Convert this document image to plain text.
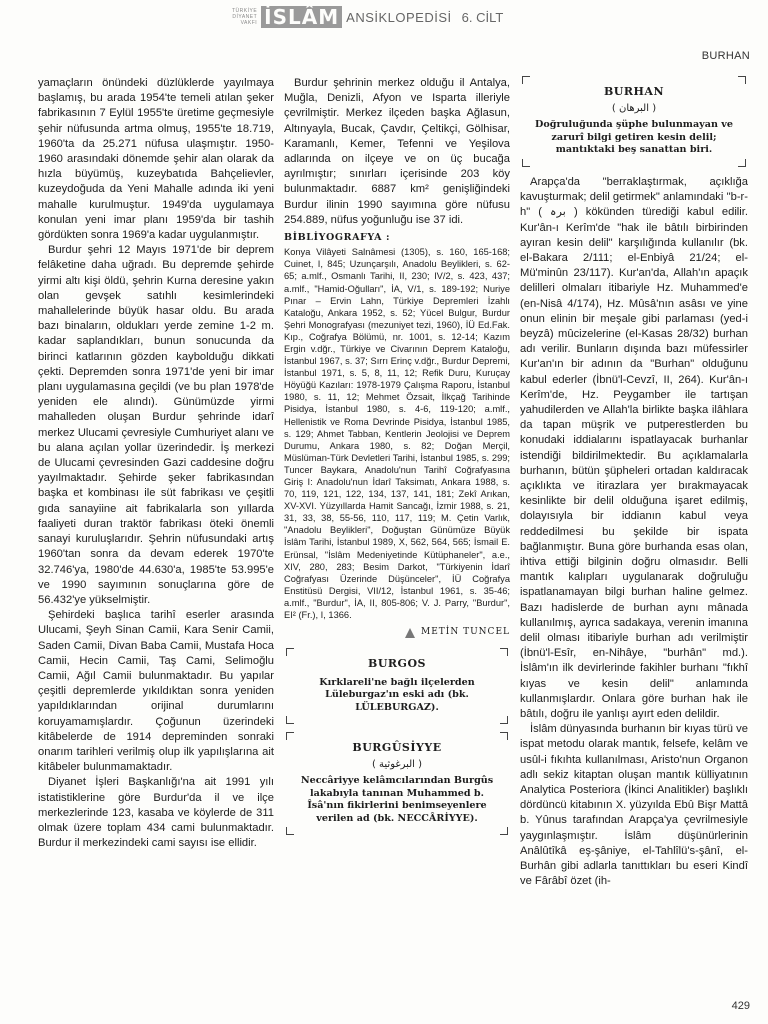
TÜRKİYE
DİYANET
VAKFI İSLÂM ANSİKLOPEDİSİ 6. CİLT
BURHAN

yamaçların önündeki düzlüklerde yayılmaya başlamış, bu arada 1954'te temeli atılan şeker fabrikasının 7 Eylül 1955'te üretime geçmesiyle şehir nüfusunda artma olmuş, 1955'te 18.719, 1960'ta da 25.271 nüfusa ulaşmıştır. 1950-1960 arasındaki dönemde şehir alan olarak da hızla büyümüş, kuzeybatıda Bahçelievler, kuzeydoğuda da Yeni Mahalle adında iki yeni mahalle kurulmuştur. 1949'da uygulamaya konulan yeni imar planı 1959'da bir tashih gördükten sonra 1969'a kadar uygulanmıştır.

Burdur şehri 12 Mayıs 1971'de bir deprem felâketine daha uğradı. Bu depremde şehirde yirmi altı kişi öldü, şehrin Kurna deresine yakın olan gevşek satıhlı kesimlerindeki mahallelerinde büyük hasar oldu. Bu arada bazı binaların, oldukları yerde zemine 1-2 m. kadar saplandıkları, bunun sonucunda da birinci katlarının gözden kaybolduğu dikkati çekti. Depremden sonra 1971'de yeni bir imar planı uygulamasına geçildi (ve bu plan 1978'de yeniden ele alındı). Günümüzde yirmi mahalleden oluşan Burdur şehrinde idarî merkez Ulucami çevresiyle Cumhuriyet alanı ve bu alana açılan yollar üzerindedir. İş merkezi de Ulucami çevresinden Gazi caddesine doğru yayılmaktadır. Şehirde şeker fabrikasından başka et kombinası ile süt fabrikası ve çeşitli gıda sanayiine ait fabrikalarla son yıllarda faaliyeti duran traktör fabrikası öteki önemli sanayi kuruluşlarıdır. Şehrin nüfusundaki artış 1960'tan sonra da devam ederek 1970'te 32.746'ya, 1980'de 44.630'a, 1985'te 53.995'e ve 1990 sayımının sonuçlarına göre de 56.432'ye yükselmiştir.

Şehirdeki başlıca tarihî eserler arasında Ulucami, Şeyh Sinan Camii, Kara Senir Camii, Saden Camii, Divan Baba Camii, Mustafa Hoca Camii, Hecin Camii, Taş Cami, Selimoğlu Camii, Ağıl Camii bulunmaktadır. Bu yapılar çeşitli depremlerde yıkıldıktan sonra yeniden yapıldıklarından orijinal durumlarını koruyamamışlardır. Çoğunun üzerindeki kitâbelerde de 1914 depreminden sonraki onarım tarihleri verilmiş olup ilk yapılışlarına ait kitâbeler bulunmamaktadır.

Diyanet İşleri Başkanlığı'na ait 1991 yılı istatistiklerine göre Burdur'da il ve ilçe merkezlerinde 123, kasaba ve köylerde de 311 olmak üzere toplam 434 cami bulunmaktadır. Burdur il merkezindeki cami sayısı ise ellidir.

Burdur şehrinin merkez olduğu il Antalya, Muğla, Denizli, Afyon ve Isparta illeriyle çevrilmiştir. Merkez ilçeden başka Ağlasun, Altınyayla, Bucak, Çavdır, Çeltikçi, Gölhisar, Karamanlı, Kemer, Tefenni ve Yeşilova adlarında on ilçeye ve on üç bucağa ayrılmıştır; sınırları içerisinde 203 köy bulunmaktadır. 6887 km² genişliğindeki Burdur ilinin 1990 sayımına göre nüfusu 254.889, nüfus yoğunluğu ise 37 idi.

BİBLİYOGRAFYA :
Konya Vilâyeti Salnâmesi (1305), s. 160, 165-168; Cuinet, I, 845; Uzunçarşılı, Anadolu Beylikleri, s. 62-65; a.mlf., Osmanlı Tarihi, II, 230; IV/2, s. 423, 437; a.mlf., "Hamid-Oğulları", İA, V/1, s. 189-192; Nuriye Pınar – Ervin Lahn, Türkiye Depremleri İzahlı Kataloğu, Ankara 1952, s. 52; Yücel Bulgur, Burdur Şehri Monografyası (mezuniyet tezi, 1960), İÜ Ed.Fak. Kıp., Coğrafya Bölümü, nr. 1001, s. 12-14; Kazım Ergin v.dğr., Türkiye ve Civarının Deprem Kataloğu, İstanbul 1967, s. 37; Sırrı Erinç v.dğr., Burdur Depremi, İstanbul 1971, s. 5, 8, 11, 12; Refik Duru, Kuruçay Höyüğü Kazıları: 1978-1979 Çalışma Raporu, İstanbul 1980, s. 11, 12; Mehmet Özsait, İlkçağ Tarihinde Pisidya, İstanbul 1980, s. 4-6, 119-120; a.mlf., Hellenistik ve Roma Devrinde Pisidya, İstanbul 1985, s. 129; Ahmet Tabban, Kentlerin Jeolojisi ve Deprem Durumu, Ankara 1980, s. 82; Doğan Merçil, Müslüman-Türk Devletleri Tarihi, İstanbul 1985, s. 299; Tuncer Baykara, Anadolu'nun Tarihî Coğrafyasına Giriş I: Anadolu'nun İdarî Taksimatı, Ankara 1988, s. 70, 119, 121, 122, 134, 137, 141, 181; Zekî Arıkan, XV-XVI. Yüzyıllarda Hamit Sancağı, İzmir 1988, s. 21, 31, 33, 38, 55-56, 110, 117, 119; M. Çetin Varlık, "Anadolu Beylikleri", Doğuştan Günümüze Büyük İslâm Tarihi, İstanbul 1989, X, 562, 564, 565; İsmail E. Erünsal, "İslâm Medeniyetinde Kütüphaneler", a.e., XIV, 280, 283; Besim Darkot, "Türkiyenin İdarî Coğrafyası Üzerinde Düşünceler", İÜ Coğrafya Enstitüsü Dergisi, VII/12, İstanbul 1961, s. 35-46; a.mlf., "Burdur", İA, II, 805-806; V. J. Parry, "Burdur", EI² (Fr.), I, 1366.
METİN TUNCEL
BURGOS
Kırklareli'ne bağlı ilçelerden Lüleburgaz'ın eski adı (bk. LÜLEBURGAZ).
BURGÛSİYYE
( البرغوثية )
Neccâriyye kelâmcılarından Burgûs lakabıyla tanınan Muhammed b. Îsâ'nın fikirlerini benimseyenlere verilen ad (bk. NECCÂRİYYE).
BURHAN
( البرهان )
Doğruluğunda şüphe bulunmayan ve zarurî bilgi getiren kesin delil; mantıktaki beş sanattan biri.

Arapça'da "berraklaştırmak, açıklığa kavuşturmak; delil getirmek" anlamındaki "b-r-h" ( برہ ) kökünden türediği kabul edilir. Kur'ân-ı Kerîm'de "hak ile bâtılı birbirinden ayıran kesin delil" karşılığında kullanılır (bk. el-Bakara 2/111; el-Enbiyâ 21/24; el-Mü'minûn 23/117). Kur'an'da, Allah'ın apaçık delilleri olmaları itibariyle Hz. Muhammed'e (en-Nisâ 4/174), Hz. Mûsâ'nın asâsı ve yine onun elinin bir meşale gibi parlaması (yed-i beyzâ) mûcizelerine (el-Kasas 28/32) burhan adı verilir. Bunların dışında bazı müfessirler Kur'an'ın bir adının da "Burhan" olduğunu kabul ederler (İbnü'l-Cevzî, II, 264). Kur'ân-ı Kerîm'de, Hz. Peygamber ile tartışan yahudilerden ve Allah'la birlikte başka ilâhlara da tapan müşrik ve putperestlerden bu konudaki iddialarını ispatlayacak burhanlar istendiği bildirilmektedir. Bu açıklamalarla burhanın, bütün şüpheleri ortadan kaldıracak açıklıkta ve itirazlara yer bırakmayacak kesinlikte bir delil olduğuna işaret edilmiş, dolayısıyla bir iddianın kabul veya reddedilmesi bu şekilde bir ispata bağlanmıştır. Buna göre burhanda esas olan, ihtiva ettiği bilginin doğru olmasıdır. Belli mantık kalıpları uygulanarak doğruluğu ispatlanamayan bilgi burhan haline gelmez. Bazı hadislerde de burhan aynı mânada kullanılmış, ayrıca sadakaya, verenin imanına delil olması itibariyle burhan adı verilmiştir (İbnü'l-Esîr, en-Nihâye, "burhân" md.). İslâm'ın ilk devirlerinde fakihler burhanı "fıkhî kıyas ve kesin delil" anlamında kullanmışlardır. Onlara göre burhan hak ile bâtılı, doğru ile yanlışı ayırt eden delildir.

İslâm dünyasında burhanın bir kıyas türü ve ispat metodu olarak mantık, felsefe, kelâm ve usûl-i fıkıhta kullanılması, Aristo'nun Organon adlı sekiz kitaptan oluşan mantık külliyatının Analytica Posteriora (İkinci Analitikler) başlıklı dördüncü kitabının X. yüzyılda Ebû Bişr Mattâ b. Yûnus tarafından Arapça'ya çevrilmesiyle yaygınlaşmıştır. İslâm düşünürlerinin Anâlûtîkâ eş-şâniye, el-Tahlîlü's-şânî, el-Burhân gibi adlarla tanıttıkları bu eseri Kindî ve Fârâbî özet (ih-

429
